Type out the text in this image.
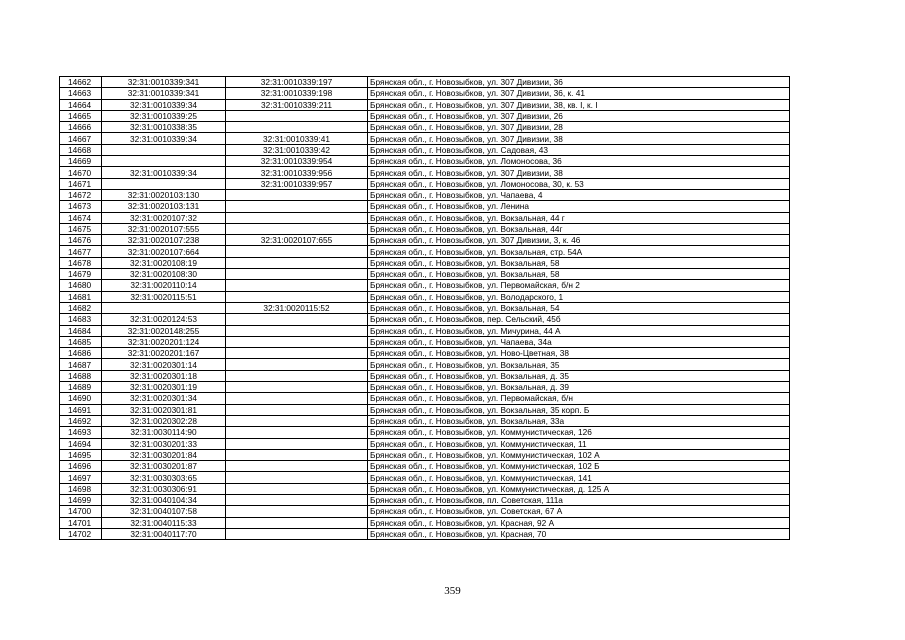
14662	32:31:0010339:341	32:31:0010339:197	Брянская обл., г. Новозыбков, ул. 307 Дивизии, 36
14663	32:31:0010339:341	32:31:0010339:198	Брянская обл., г. Новозыбков, ул. 307 Дивизии, 36, к. 41
14664	32:31:0010339:34	32:31:0010339:211	Брянская обл., г. Новозыбков, ул. 307 Дивизии, 38, кв. I, к. I
14665	32:31:0010339:25		Брянская обл., г. Новозыбков, ул. 307 Дивизии, 26
14666	32:31:0010338:35		Брянская обл., г. Новозыбков, ул. 307 Дивизии, 28
14667	32:31:0010339:34	32:31:0010339:41	Брянская обл., г. Новозыбков, ул. 307 Дивизии, 38
14668		32:31:0010339:42	Брянская обл., г. Новозыбков, ул. Садовая, 43
14669		32:31:0010339:954	Брянская обл., г. Новозыбков, ул. Ломоносова, 36
14670	32:31:0010339:34	32:31:0010339:956	Брянская обл., г. Новозыбков, ул. 307 Дивизии, 38
14671		32:31:0010339:957	Брянская обл., г. Новозыбков, ул. Ломоносова, 30, к. 53
14672	32:31:0020103:130		Брянская обл., г. Новозыбков, ул. Чапаева, 4
14673	32:31:0020103:131		Брянская обл., г. Новозыбков, ул. Ленина
14674	32:31:0020107:32		Брянская обл., г. Новозыбков, ул. Вокзальная, 44 г
14675	32:31:0020107:555		Брянская обл., г. Новозыбков, ул. Вокзальная, 44г
14676	32:31:0020107:238	32:31:0020107:655	Брянская обл., г. Новозыбков, ул. 307 Дивизии, 3, к. 46
14677	32:31:0020107:664		Брянская обл., г. Новозыбков, ул. Вокзальная, стр. 54А
14678	32:31:0020108:19		Брянская обл., г. Новозыбков, ул. Вокзальная, 58
14679	32:31:0020108:30		Брянская обл., г. Новозыбков, ул. Вокзальная, 58
14680	32:31:0020110:14		Брянская обл., г. Новозыбков, ул. Первомайская, б/н 2
14681	32:31:0020115:51		Брянская обл., г. Новозыбков, ул. Володарского, 1
14682		32:31:0020115:52	Брянская обл., г. Новозыбков, ул. Вокзальная, 54
14683	32:31:0020124:53		Брянская обл., г. Новозыбков, пер. Сельский, 45б
14684	32:31:0020148:255		Брянская обл., г. Новозыбков, ул. Мичурина, 44 А
14685	32:31:0020201:124		Брянская обл., г. Новозыбков, ул. Чапаева, 34а
14686	32:31:0020201:167		Брянская обл., г. Новозыбков, ул. Ново-Цветная, 38
14687	32:31:0020301:14		Брянская обл., г. Новозыбков, ул. Вокзальная, 35
14688	32:31:0020301:18		Брянская обл., г. Новозыбков, ул. Вокзальная, д. 35
14689	32:31:0020301:19		Брянская обл., г. Новозыбков, ул. Вокзальная, д. 39
14690	32:31:0020301:34		Брянская обл., г. Новозыбков, ул. Первомайская, б/н
14691	32:31:0020301:81		Брянская обл., г. Новозыбков, ул. Вокзальная, 35 корп. Б
14692	32:31:0020302:28		Брянская обл., г. Новозыбков, ул. Вокзальная, 33а
14693	32:31:0030114:90		Брянская обл., г. Новозыбков, ул. Коммунистическая, 126
14694	32:31:0030201:33		Брянская обл., г. Новозыбков, ул. Коммунистическая, 11
14695	32:31:0030201:84		Брянская обл., г. Новозыбков, ул. Коммунистическая, 102 А
14696	32:31:0030201:87		Брянская обл., г. Новозыбков, ул. Коммунистическая, 102 Б
14697	32:31:0030303:65		Брянская обл., г. Новозыбков, ул. Коммунистическая, 141
14698	32:31:0030306:91		Брянская обл., г. Новозыбков, ул. Коммунистическая, д. 125 А
14699	32:31:0040104:34		Брянская обл., г. Новозыбков, пл. Советская, 111а
14700	32:31:0040107:58		Брянская обл., г. Новозыбков, ул. Советская, 67 А
14701	32:31:0040115:33		Брянская обл., г. Новозыбков, ул. Красная, 92 А
14702	32:31:0040117:70		Брянская обл., г. Новозыбков, ул. Красная, 70
359
